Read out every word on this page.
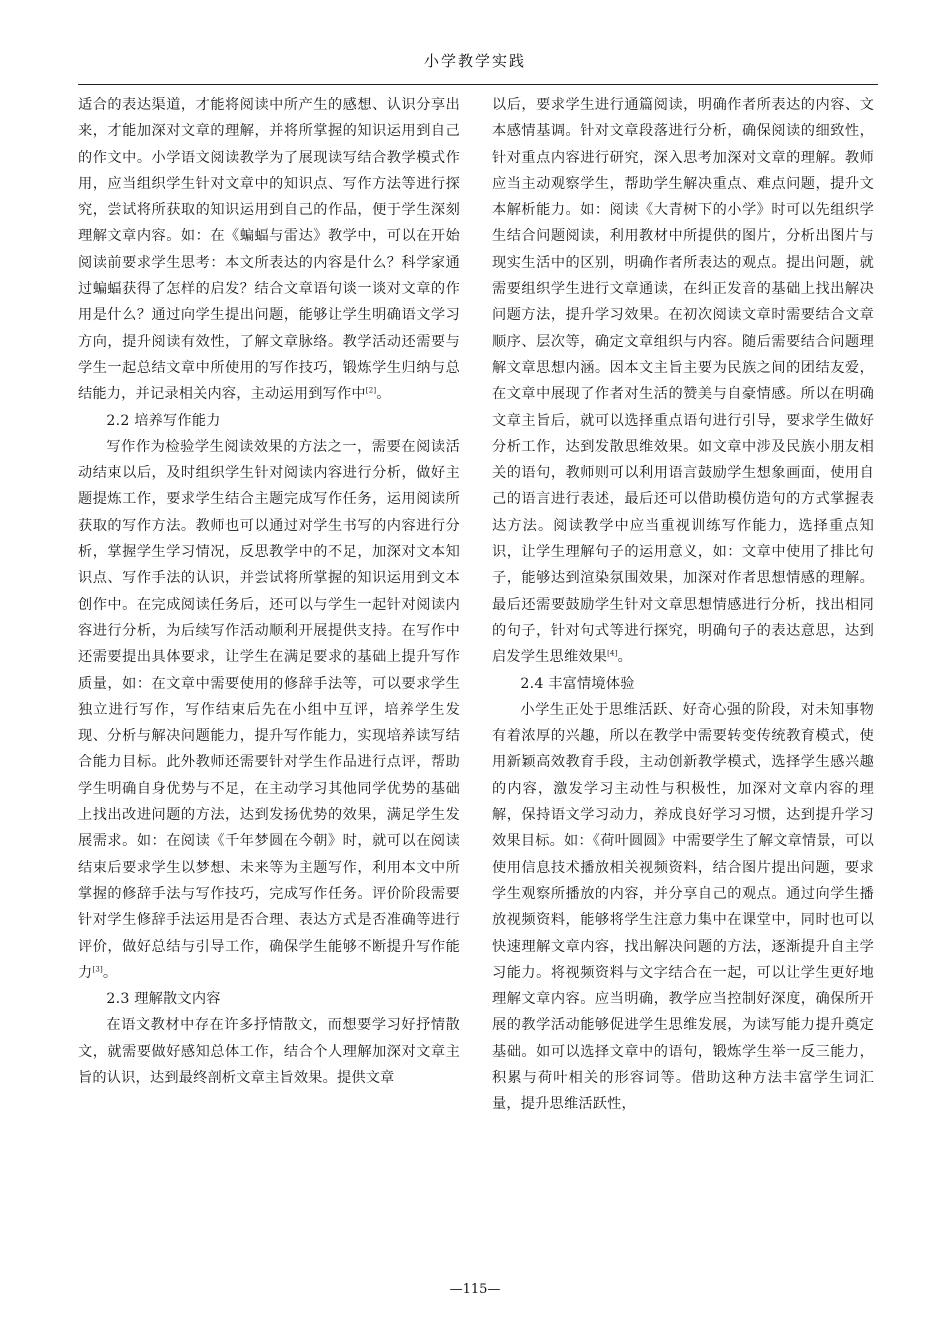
小学教学实践

适合的表达渠道，才能将阅读中所产生的感想、认识分享出来，才能加深对文章的理解，并将所掌握的知识运用到自己的作文中。小学语文阅读教学为了展现读写结合教学模式作用，应当组织学生针对文章中的知识点、写作方法等进行探究，尝试将所获取的知识运用到自己的作品，便于学生深刻理解文章内容。如：在《蝙蝠与雷达》教学中，可以在开始阅读前要求学生思考：本文所表达的内容是什么？科学家通过蝙蝠获得了怎样的启发？结合文章语句谈一谈对文章的作用是什么？通过向学生提出问题，能够让学生明确语文学习方向，提升阅读有效性，了解文章脉络。教学活动还需要与学生一起总结文章中所使用的写作技巧，锻炼学生归纳与总结能力，并记录相关内容，主动运用到写作中[2]。

2.2 培养写作能力

写作作为检验学生阅读效果的方法之一，需要在阅读活动结束以后，及时组织学生针对阅读内容进行分析，做好主题提炼工作，要求学生结合主题完成写作任务，运用阅读所获取的写作方法。教师也可以通过对学生书写的内容进行分析，掌握学生学习情况，反思教学中的不足，加深对文本知识点、写作手法的认识，并尝试将所掌握的知识运用到文本创作中。在完成阅读任务后，还可以与学生一起针对阅读内容进行分析，为后续写作活动顺利开展提供支持。在写作中还需要提出具体要求，让学生在满足要求的基础上提升写作质量，如：在文章中需要使用的修辞手法等，可以要求学生独立进行写作，写作结束后先在小组中互评，培养学生发现、分析与解决问题能力，提升写作能力，实现培养读写结合能力目标。此外教师还需要针对学生作品进行点评，帮助学生明确自身优势与不足，在主动学习其他同学优势的基础上找出改进问题的方法，达到发扬优势的效果，满足学生发展需求。如：在阅读《千年梦圆在今朝》时，就可以在阅读结束后要求学生以梦想、未来等为主题写作，利用本文中所掌握的修辞手法与写作技巧，完成写作任务。评价阶段需要针对学生修辞手法运用是否合理、表达方式是否准确等进行评价，做好总结与引导工作，确保学生能够不断提升写作能力[3]。

2.3 理解散文内容

在语文教材中存在许多抒情散文，而想要学习好抒情散文，就需要做好感知总体工作，结合个人理解加深对文章主旨的认识，达到最终剖析文章主旨效果。提供文章

以后，要求学生进行通篇阅读，明确作者所表达的内容、文本感情基调。针对文章段落进行分析，确保阅读的细致性，针对重点内容进行研究，深入思考加深对文章的理解。教师应当主动观察学生，帮助学生解决重点、难点问题，提升文本解析能力。如：阅读《大青树下的小学》时可以先组织学生结合问题阅读，利用教材中所提供的图片，分析出图片与现实生活中的区别，明确作者所表达的观点。提出问题，就需要组织学生进行文章通读，在纠正发音的基础上找出解决问题方法，提升学习效果。在初次阅读文章时需要结合文章顺序、层次等，确定文章组织与内容。随后需要结合问题理解文章思想内涵。因本文主旨主要为民族之间的团结友爱，在文章中展现了作者对生活的赞美与自豪情感。所以在明确文章主旨后，就可以选择重点语句进行引导，要求学生做好分析工作，达到发散思维效果。如文章中涉及民族小朋友相关的语句，教师则可以利用语言鼓励学生想象画面，使用自己的语言进行表述，最后还可以借助模仿造句的方式掌握表达方法。阅读教学中应当重视训练写作能力，选择重点知识，让学生理解句子的运用意义，如：文章中使用了排比句子，能够达到渲染氛围效果，加深对作者思想情感的理解。最后还需要鼓励学生针对文章思想情感进行分析，找出相同的句子，针对句式等进行探究，明确句子的表达意思，达到启发学生思维效果[4]。

2.4 丰富情境体验

小学生正处于思维活跃、好奇心强的阶段，对未知事物有着浓厚的兴趣，所以在教学中需要转变传统教育模式，使用新颖高效教育手段，主动创新教学模式，选择学生感兴趣的内容，激发学习主动性与积极性，加深对文章内容的理解，保持语文学习动力，养成良好学习习惯，达到提升学习效果目标。如：《荷叶圆圆》中需要学生了解文章情景，可以使用信息技术播放相关视频资料，结合图片提出问题，要求学生观察所播放的内容，并分享自己的观点。通过向学生播放视频资料，能够将学生注意力集中在课堂中，同时也可以快速理解文章内容，找出解决问题的方法，逐渐提升自主学习能力。将视频资料与文字结合在一起，可以让学生更好地理解文章内容。应当明确，教学应当控制好深度，确保所开展的教学活动能够促进学生思维发展，为读写能力提升奠定基础。如可以选择文章中的语句，锻炼学生举一反三能力，积累与荷叶相关的形容词等。借助这种方法丰富学生词汇量，提升思维活跃性，

—115—
